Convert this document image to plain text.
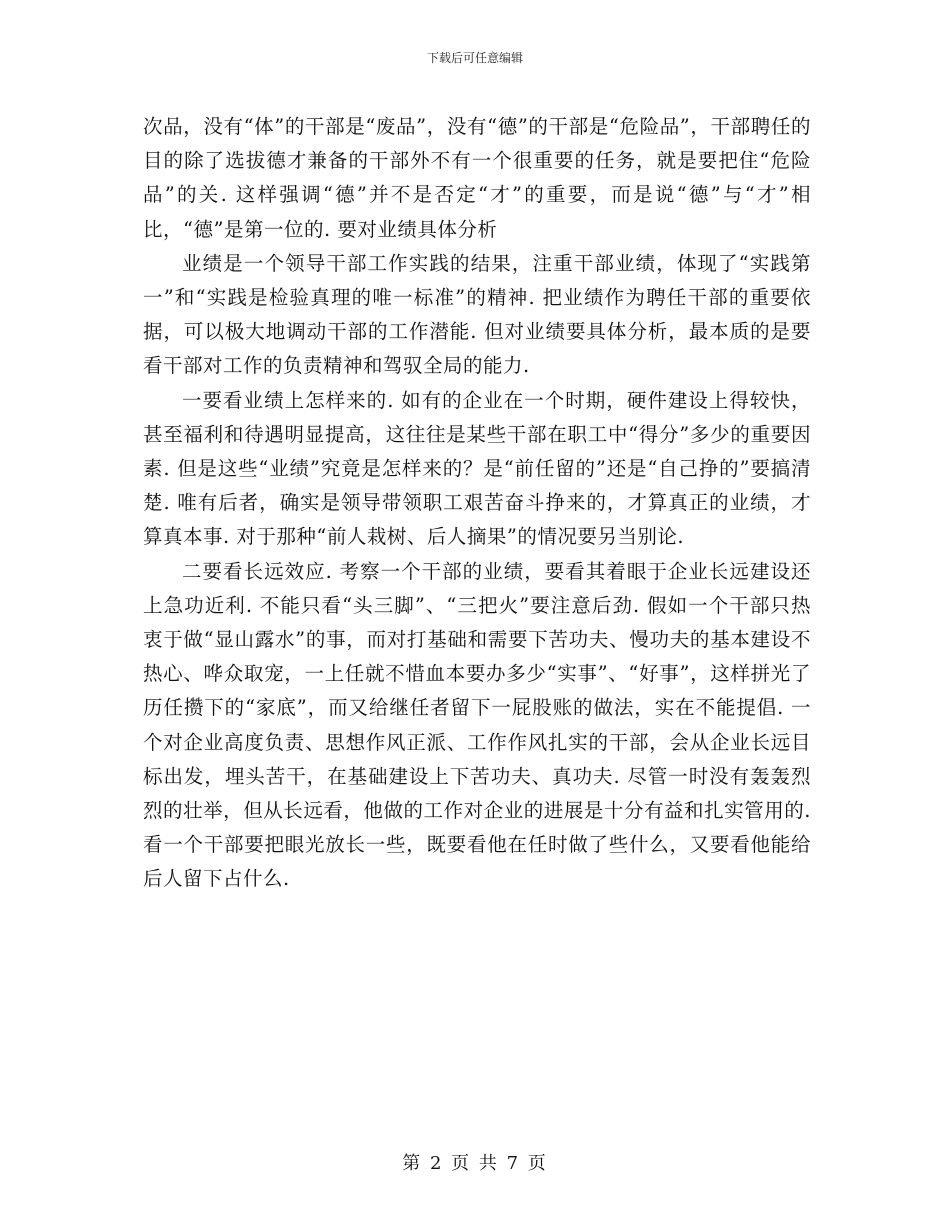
下载后可任意编辑

次品，没有“体”的干部是“废品”，没有“德”的干部是“危险品”，干部聘任的目的除了选拔德才兼备的干部外不有一个很重要的任务，就是要把住“危险品”的关. 这样强调“德”并不是否定“才”的重要，而是说“德”与“才”相比，“德”是第一位的. 要对业绩具体分析

业绩是一个领导干部工作实践的结果，注重干部业绩，体现了“实践第一”和“实践是检验真理的唯一标准”的精神. 把业绩作为聘任干部的重要依据，可以极大地调动干部的工作潜能. 但对业绩要具体分析，最本质的是要看干部对工作的负责精神和驾驭全局的能力.

一要看业绩上怎样来的. 如有的企业在一个时期，硬件建设上得较快，甚至福利和待遇明显提高，这往往是某些干部在职工中“得分”多少的重要因素. 但是这些“业绩”究竟是怎样来的？是“前任留的”还是“自己挣的”要搞清楚. 唯有后者，确实是领导带领职工艰苦奋斗挣来的，才算真正的业绩，才算真本事. 对于那种“前人栽树、后人摘果”的情况要另当别论.

二要看长远效应. 考察一个干部的业绩，要看其着眼于企业长远建设还上急功近利. 不能只看“头三脚”、“三把火”要注意后劲. 假如一个干部只热衷于做“显山露水”的事，而对打基础和需要下苦功夫、慢功夫的基本建设不热心、哗众取宠，一上任就不惜血本要办多少“实事”、“好事”，这样拼光了历任攒下的“家底”，而又给继任者留下一屁股账的做法，实在不能提倡. 一个对企业高度负责、思想作风正派、工作作风扎实的干部，会从企业长远目标出发，埋头苦干，在基础建设上下苦功夫、真功夫. 尽管一时没有轰轰烈烈的壮举，但从长远看，他做的工作对企业的进展是十分有益和扎实管用的. 看一个干部要把眼光放长一些，既要看他在任时做了些什么，又要看他能给后人留下占什么.

第 2 页 共 7 页
